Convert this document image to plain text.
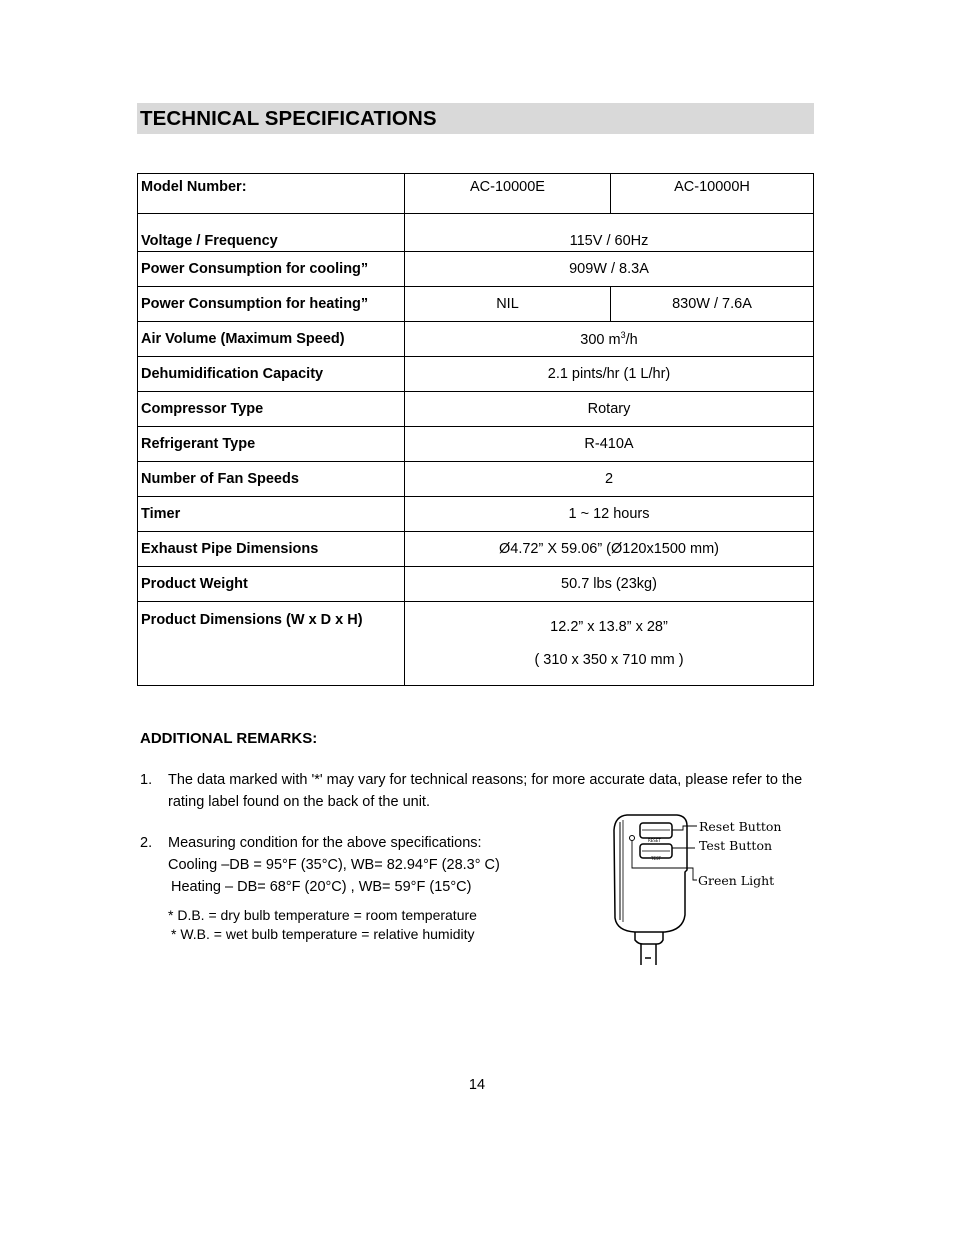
TECHNICAL SPECIFICATIONS
Model Number:	AC-10000E	AC-10000H
Voltage / Frequency	115V / 60Hz	
Power Consumption for cooling”	909W / 8.3A	
Power Consumption for heating”	NIL	830W / 7.6A
Air Volume (Maximum Speed)	300 $m^3/h$	
Dehumidification Capacity	2.1 pints/hr (1 L/hr)	
Compressor Type	Rotary	
Refrigerant Type	R-410A	
Number of Fan Speeds	2	
Timer	1 ~ 12 hours	
Exhaust Pipe Dimensions	Ø4.72” X 59.06” (Ø120x1500 mm)	
Product Weight	50.7 lbs (23kg)	
Product Dimensions (W x D x H)	12.2” x 13.8” x 28”
( 310 x 350 x 710 mm )	
ADDITIONAL REMARKS:
1. The data marked with '*' may vary for technical reasons; for more accurate data, please refer to the rating label found on the back of the unit.
2. Measuring condition for the above specifications:
Cooling –DB = 95°F (35°C), WB= 82.94°F (28.3° C)
Heating – DB= 68°F (20°C) , WB= 59°F (15°C)
* D.B. = dry bulb temperature = room temperature
* W.B. = wet bulb temperature = relative humidity
RESET
TEST
Reset Button
Test Button
Green Light
14
